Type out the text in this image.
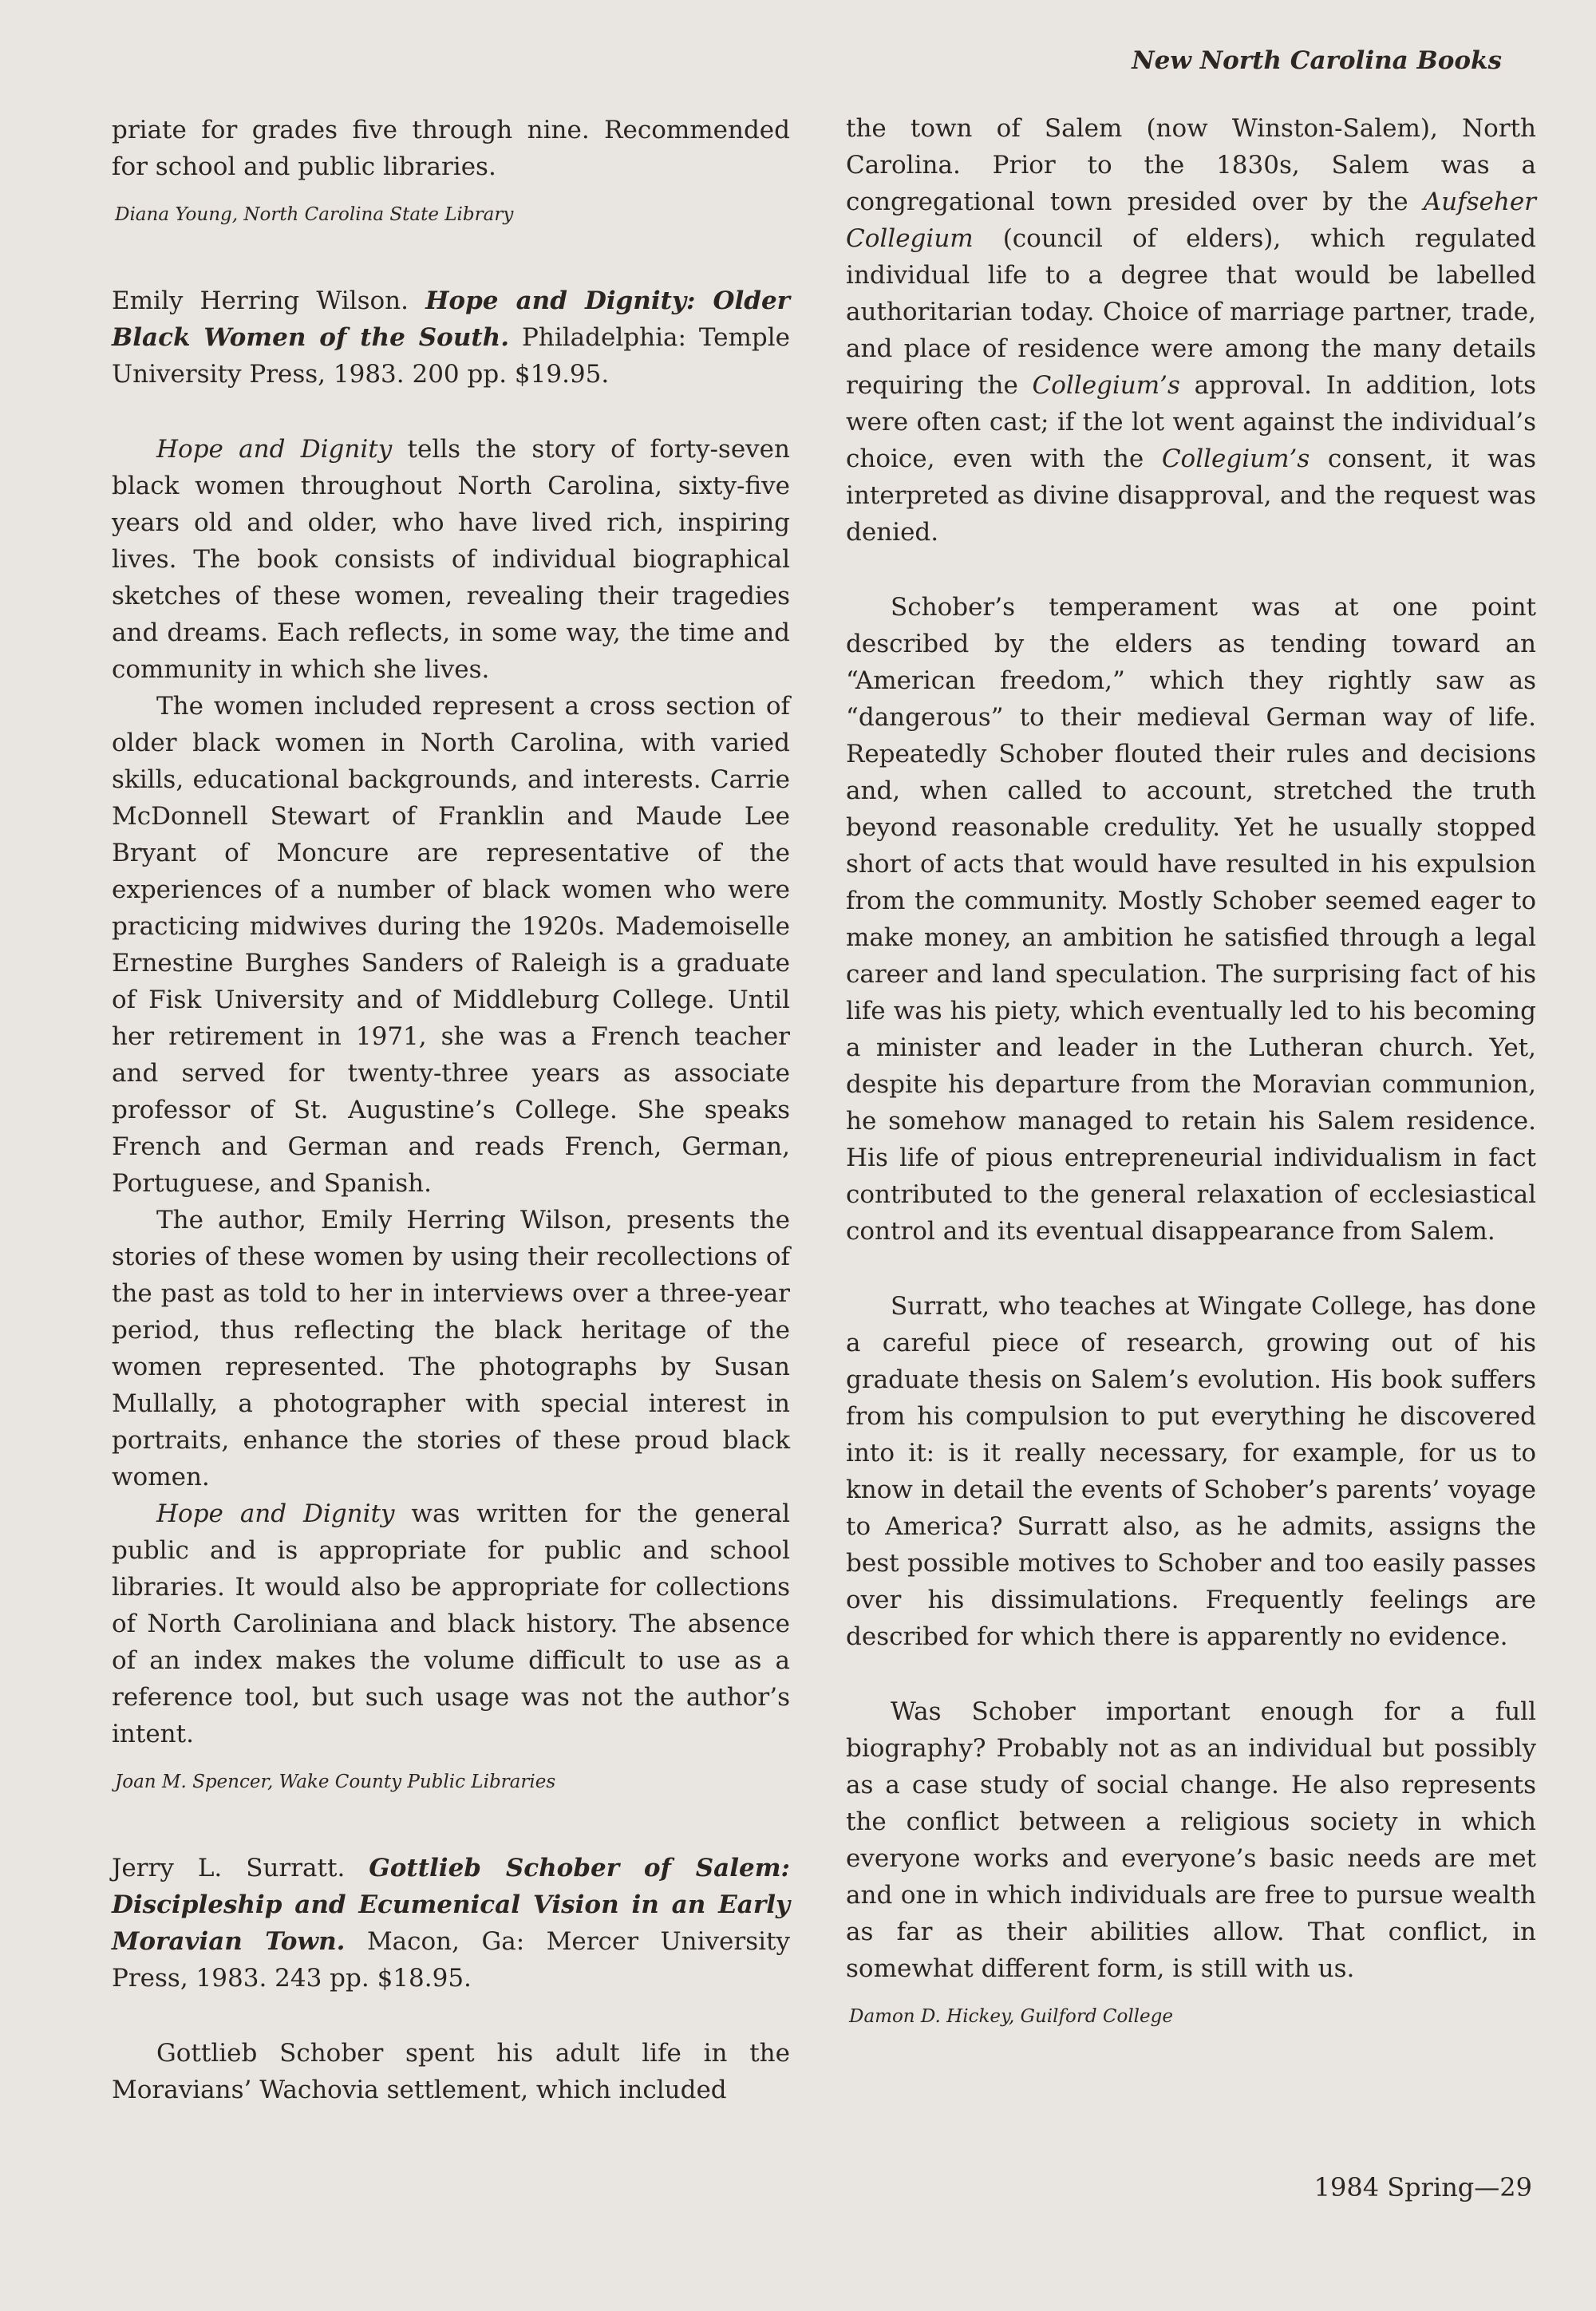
New North Carolina Books

priate for grades five through nine. Recommended for school and public libraries.

Diana Young, North Carolina State Library

Emily Herring Wilson. Hope and Dignity: Older Black Women of the South. Philadelphia: Temple University Press, 1983. 200 pp. $19.95.

Hope and Dignity tells the story of forty-seven black women throughout North Carolina, sixty-five years old and older, who have lived rich, inspiring lives. The book consists of individual biographical sketches of these women, revealing their tragedies and dreams. Each reflects, in some way, the time and community in which she lives.

The women included represent a cross section of older black women in North Carolina, with varied skills, educational backgrounds, and interests. Carrie McDonnell Stewart of Franklin and Maude Lee Bryant of Moncure are representative of the experiences of a number of black women who were practicing midwives during the 1920s. Mademoiselle Ernestine Burghes Sanders of Raleigh is a graduate of Fisk University and of Middleburg College. Until her retirement in 1971, she was a French teacher and served for twenty-three years as associate professor of St. Augustine’s College. She speaks French and German and reads French, German, Portuguese, and Spanish.

The author, Emily Herring Wilson, presents the stories of these women by using their recollections of the past as told to her in interviews over a three-year period, thus reflecting the black heritage of the women represented. The photographs by Susan Mullally, a photographer with special interest in portraits, enhance the stories of these proud black women.

Hope and Dignity was written for the general public and is appropriate for public and school libraries. It would also be appropriate for collections of North Caroliniana and black history. The absence of an index makes the volume difficult to use as a reference tool, but such usage was not the author’s intent.

Joan M. Spencer, Wake County Public Libraries

Jerry L. Surratt. Gottlieb Schober of Salem: Discipleship and Ecumenical Vision in an Early Moravian Town. Macon, Ga: Mercer University Press, 1983. 243 pp. $18.95.

Gottlieb Schober spent his adult life in the Moravians’ Wachovia settlement, which included

the town of Salem (now Winston-Salem), North Carolina. Prior to the 1830s, Salem was a congregational town presided over by the Aufseher Collegium (council of elders), which regulated individual life to a degree that would be labelled authoritarian today. Choice of marriage partner, trade, and place of residence were among the many details requiring the Collegium’s approval. In addition, lots were often cast; if the lot went against the individual’s choice, even with the Collegium’s consent, it was interpreted as divine disapproval, and the request was denied.

Schober’s temperament was at one point described by the elders as tending toward an “American freedom,” which they rightly saw as “dangerous” to their medieval German way of life. Repeatedly Schober flouted their rules and decisions and, when called to account, stretched the truth beyond reasonable credulity. Yet he usually stopped short of acts that would have resulted in his expulsion from the community. Mostly Schober seemed eager to make money, an ambition he satisfied through a legal career and land speculation. The surprising fact of his life was his piety, which eventually led to his becoming a minister and leader in the Lutheran church. Yet, despite his departure from the Moravian communion, he somehow managed to retain his Salem residence. His life of pious entrepreneurial individualism in fact contributed to the general relaxation of ecclesiastical control and its eventual disappearance from Salem.

Surratt, who teaches at Wingate College, has done a careful piece of research, growing out of his graduate thesis on Salem’s evolution. His book suffers from his compulsion to put everything he discovered into it: is it really necessary, for example, for us to know in detail the events of Schober’s parents’ voyage to America? Surratt also, as he admits, assigns the best possible motives to Schober and too easily passes over his dissimulations. Frequently feelings are described for which there is apparently no evidence.

Was Schober important enough for a full biography? Probably not as an individual but possibly as a case study of social change. He also represents the conflict between a religious society in which everyone works and everyone’s basic needs are met and one in which individuals are free to pursue wealth as far as their abilities allow. That conflict, in somewhat different form, is still with us.

Damon D. Hickey, Guilford College
1984 Spring—29
